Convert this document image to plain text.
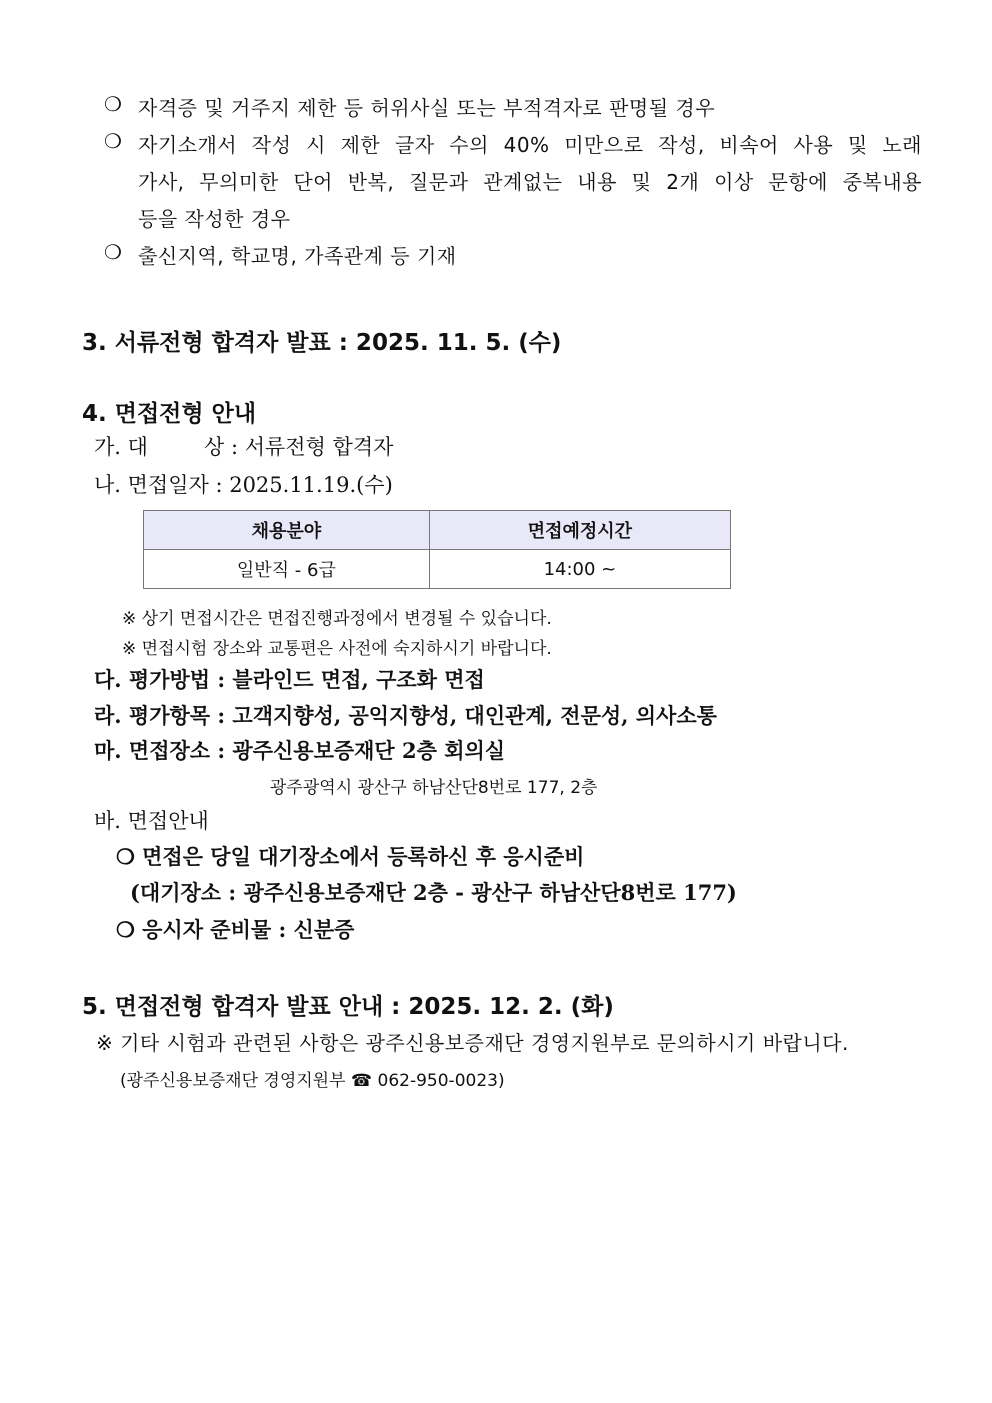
❍ 자격증 및 거주지 제한 등 허위사실 또는 부적격자로 판명될 경우
❍ 자기소개서 작성 시 제한 글자 수의 40% 미만으로 작성, 비속어 사용 및 노래
가사, 무의미한 단어 반복, 질문과 관계없는 내용 및 2개 이상 문항에 중복내용
등을 작성한 경우
❍ 출신지역, 학교명, 가족관계 등 기재
3. 서류전형 합격자 발표 : 2025. 11. 5. (수)
4. 면접전형 안내
가. 대	상 : 서류전형 합격자
나. 면접일자 : 2025.11.19.(수)
채용분야	면접예정시간
일반직 - 6급	14:00 ~
※ 상기 면접시간은 면접진행과정에서 변경될 수 있습니다.
※ 면접시험 장소와 교통편은 사전에 숙지하시기 바랍니다.
다. 평가방법 : 블라인드 면접, 구조화 면접
라. 평가항목 : 고객지향성, 공익지향성, 대인관계, 전문성, 의사소통
마. 면접장소 : 광주신용보증재단 2층 회의실
광주광역시 광산구 하남산단8번로 177, 2층
바. 면접안내
❍ 면접은 당일 대기장소에서 등록하신 후 응시준비
(대기장소 : 광주신용보증재단 2층 - 광산구 하남산단8번로 177)
❍ 응시자 준비물 : 신분증
5. 면접전형 합격자 발표 안내 : 2025. 12. 2. (화)
※ 기타 시험과 관련된 사항은 광주신용보증재단 경영지원부로 문의하시기 바랍니다.
(광주신용보증재단 경영지원부 ☎ 062-950-0023)
